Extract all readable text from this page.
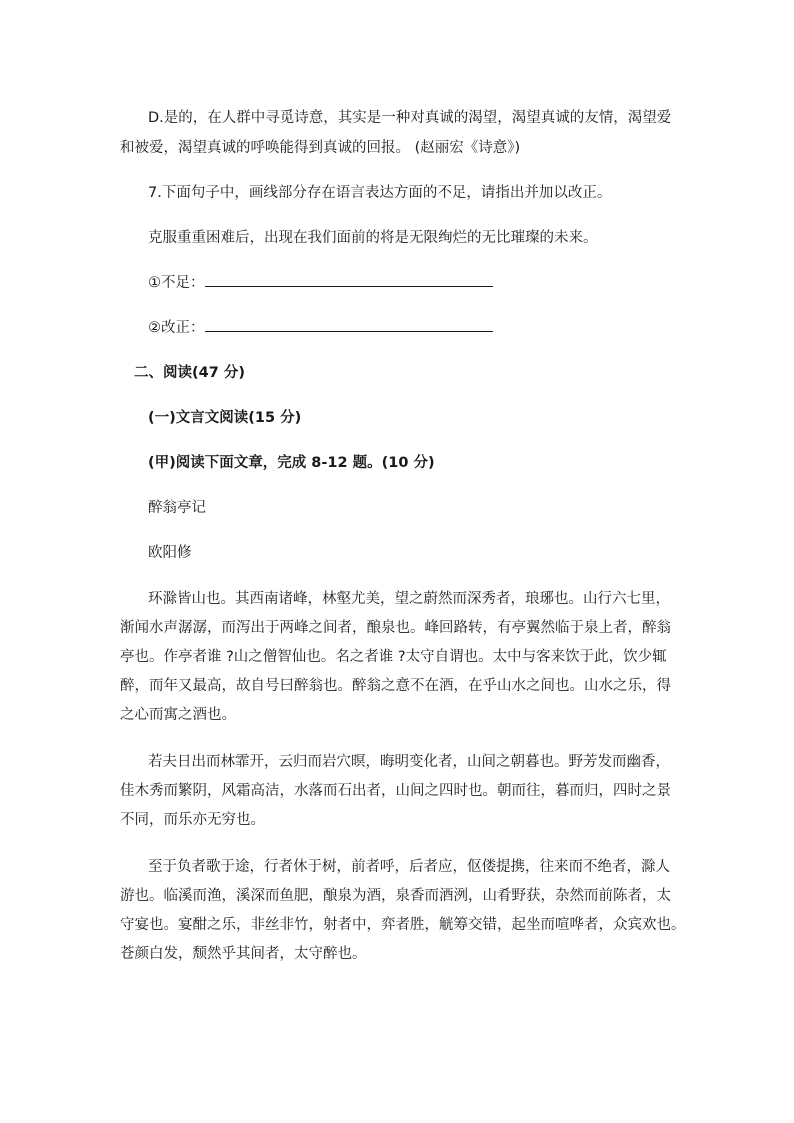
D.是的，在人群中寻觅诗意，其实是一种对真诚的渴望，渴望真诚的友情，渴望爱
和被爱，渴望真诚的呼唤能得到真诚的回报。 (赵丽宏《诗意》)
7.下面句子中，画线部分存在语言表达方面的不足，请指出并加以改正。
克服重重困难后，出现在我们面前的将是无限绚烂的无比璀璨的未来。
①不足：
②改正：
二、阅读(47 分)
(一)文言文阅读(15 分)
(甲)阅读下面文章，完成 8-12 题。(10 分)
醉翁亭记
欧阳修
环滁皆山也。其西南诸峰，林壑尤美，望之蔚然而深秀者，琅琊也。山行六七里，
渐闻水声潺潺，而泻出于两峰之间者，酿泉也。峰回路转，有亭翼然临于泉上者，醉翁
亭也。作亭者谁 ?山之僧智仙也。名之者谁 ?太守自谓也。太中与客来饮于此，饮少辄
醉，而年又最高，故自号曰醉翁也。醉翁之意不在酒，在乎山水之间也。山水之乐，得
之心而寓之酒也。
若夫日出而林霏开，云归而岩穴暝，晦明变化者，山间之朝暮也。野芳发而幽香，
佳木秀而繁阴，风霜高洁，水落而石出者，山间之四时也。朝而往，暮而归，四时之景
不同，而乐亦无穷也。
至于负者歌于途，行者休于树，前者呼，后者应，伛偻提携，往来而不绝者，滁人
游也。临溪而渔，溪深而鱼肥，酿泉为酒，泉香而酒洌，山肴野获，杂然而前陈者，太
守宴也。宴酣之乐，非丝非竹，射者中，弈者胜，觥筹交错，起坐而喧哗者，众宾欢也。
苍颜白发，颓然乎其间者，太守醉也。
